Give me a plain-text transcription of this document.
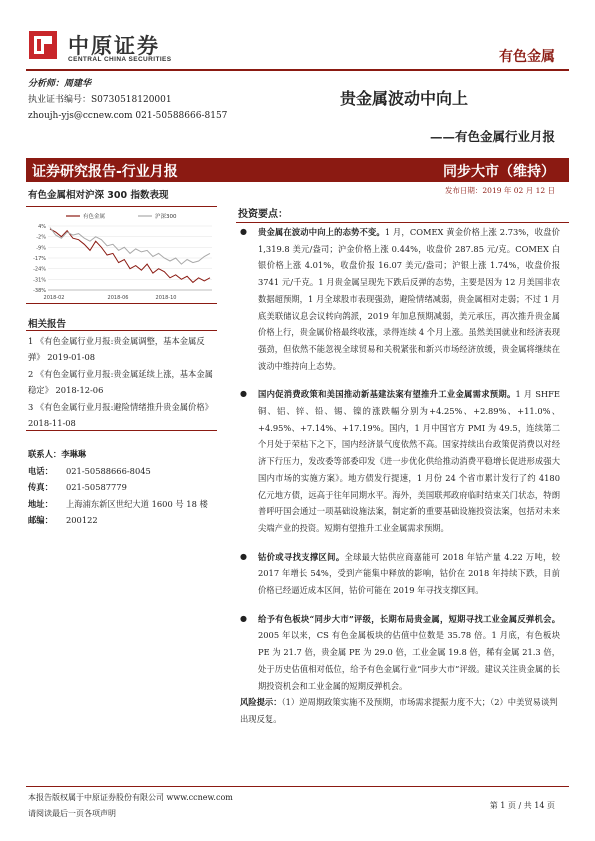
中原证券
CENTRAL CHINA SECURITIES	有色金属
分析师：周建华
执业证书编号：S0730518120001
zhoujh-yjs@ccnew.com 021-50588666-8157
贵金属波动中向上
——有色金属行业月报
证券研究报告-行业月报	同步大市（维持）
发布日期：2019 年 02 月 12 日
有色金属相对沪深 300 指数表现
4%
-2%
-9%
-17%
-24%
-31%
-38%
2018-02	2018-06	2018-10
有色金属	沪深300
相关报告

1 《有色金属行业月报:贵金属调整，基本金属反弹》 2019-01-08

2 《有色金属行业月报:贵金属延续上涨，基本金属稳定》 2018-12-06

3 《有色金属行业月报:避险情绪推升贵金属价格》 2018-11-08

联系人：李琳琳
电话：	021-50588666-8045
传真：	021-50587779
地址：	上海浦东新区世纪大道 1600 号 18 楼
邮编：	200122
投资要点：
●	贵金属在波动中向上的态势不变。1 月，COMEX 黄金价格上涨 2.73%，收盘价 1,319.8 美元/盎司；沪金价格上涨 0.44%，收盘价 287.85 元/克。COMEX 白银价格上涨 4.01%，收盘价报 16.07 美元/盎司；沪银上涨 1.74%，收盘价报 3741 元/千克。1 月贵金属呈现先下跌后反弹的态势，主要是因为 12 月美国非农数据超预期，1 月全球股市表现强劲，避险情绪减弱，贵金属相对走弱；不过 1 月底美联储议息会议转向鸽派，2019 年加息预期减弱，美元承压，再次推升贵金属价格上行，贵金属价格最终收涨，录得连续 4 个月上涨。虽然美国就业和经济表现强劲，但依然不能忽视全球贸易和关税紧张和新兴市场经济放缓，贵金属将继续在波动中维持向上态势。
●	国内促消费政策和美国推动新基建法案有望推升工业金属需求预期。1 月 SHFE 铜、铝、锌、铅、锡、镍的涨跌幅分别为+4.25%、+2.89%、+11.0%、+4.95%、+7.14%、+17.19%。国内，1 月中国官方 PMI 为 49.5，连续第二个月处于荣枯下之下，国内经济景气度依然不高。国家持续出台政策促消费以对经济下行压力，发改委等部委印发《进一步优化供给推动消费平稳增长促进形成强大国内市场的实施方案》。地方债发行提速，1 月份 24 个省市累计发行了约 4180 亿元地方债，远高于往年同期水平。海外，美国联邦政府临时结束关门状态，特朗普呼吁国会通过一项基础设施法案，制定新的重要基础设施投资法案，包括对未来尖端产业的投资。短期有望推升工业金属需求预期。
●	钴价或寻找支撑区间。全球最大钴供应商嘉能可 2018 年钴产量 4.22 万吨，较 2017 年增长 54%，受到产能集中释放的影响，钴价在 2018 年持续下跌，目前价格已经逼近成本区间，钴价可能在 2019 年寻找支撑区间。
●	给予有色板块“同步大市”评级，长期布局贵金属，短期寻找工业金属反弹机会。2005 年以来，CS 有色金属板块的估值中位数是 35.78 倍。1 月底，有色板块 PE 为 21.7 倍，贵金属 PE 为 29.0 倍，工业金属 19.8 倍，稀有金属 21.3 倍，处于历史估值相对低位，给予有色金属行业“同步大市”评级。建议关注贵金属的长期投资机会和工业金属的短期反弹机会。
风险提示：（1）逆周期政策实施不及预期，市场需求提振力度不大；（2）中美贸易谈判出现反复。
本报告版权属于中原证券股份有限公司 www.ccnew.com
请阅读最后一页各项声明
第 1 页 / 共 14 页
